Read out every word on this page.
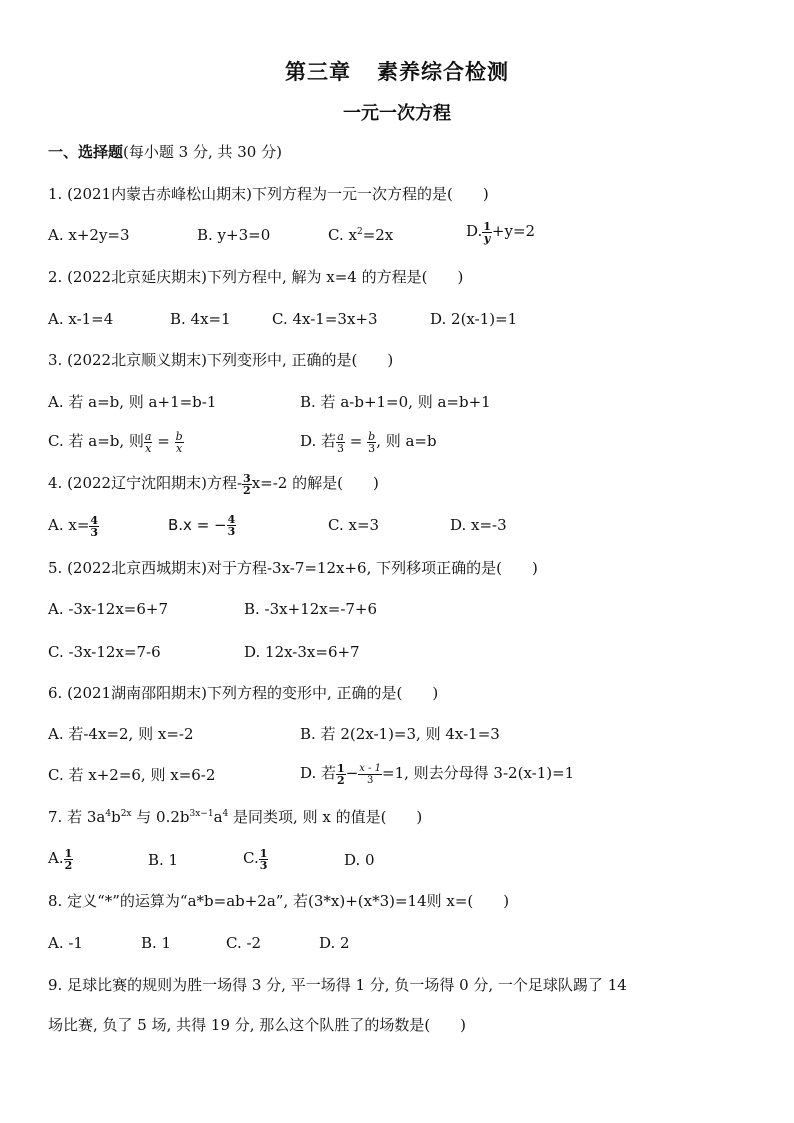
第三章 素养综合检测
一元一次方程
一、选择题(每小题 3 分, 共 30 分)
1. (2021内蒙古赤峰松山期末)下列方程为一元一次方程的是( )
A. x+2y=3	B. y+3=0	C. $x^2=2x$	D. $\frac{1}{y} +y=2$
2. (2022北京延庆期末)下列方程中, 解为 x=4 的方程是( )
A. x-1=4	B. 4x=1	C. 4x-1=3x+3	D. 2(x-1)=1
3. (2022北京顺义期末)下列变形中, 正确的是( )
A. 若 a=b, 则 a+1=b-1	B. 若 a-b+1=0, 则 a=b+1
C. 若 a=b, 则 $\frac{a}{x} = \frac{b}{x}$	D. 若 $\frac{a}{3} = \frac{b}{3}$ , 则 a=b
4. (2022辽宁沈阳期末)方程- $\frac{3}{2} x=-2$ 的解是( )
A. $x= \frac{4}{3}$	B.x = − $\frac{4}{3}$	C. x=3	D. x=-3
5. (2022北京西城期末)对于方程-3x-7=12x+6, 下列移项正确的是( )
A. -3x-12x=6+7	B. -3x+12x=-7+6
C. -3x-12x=7-6	D. 12x-3x=6+7
6. (2021湖南邵阳期末)下列方程的变形中, 正确的是( )
A. 若-4x=2, 则 x=-2	B. 若 2(2x-1)=3, 则 4x-1=3
C. 若 x+2=6, 则 x=6-2	D. 若 $\frac{1}{2} - \frac{x - 1}{3} =1$, 则去分母得 3-2(x-1)=1
7. 若 $3a^4b^{2x}$ 与 $0.2b^{3x-1}a^4$ 是同类项, 则 x 的值是( )
A. $\frac{1}{2}$	B. 1	C. $\frac{1}{3}$	D. 0
8. 定义“*”的运算为“a*b=ab+2a”, 若(3*x)+(x*3)=14则 x=( )
A. -1	B. 1	C. -2	D. 2
9. 足球比赛的规则为胜一场得 3 分, 平一场得 1 分, 负一场得 0 分, 一个足球队踢了 14
场比赛, 负了 5 场, 共得 19 分, 那么这个队胜了的场数是( )
